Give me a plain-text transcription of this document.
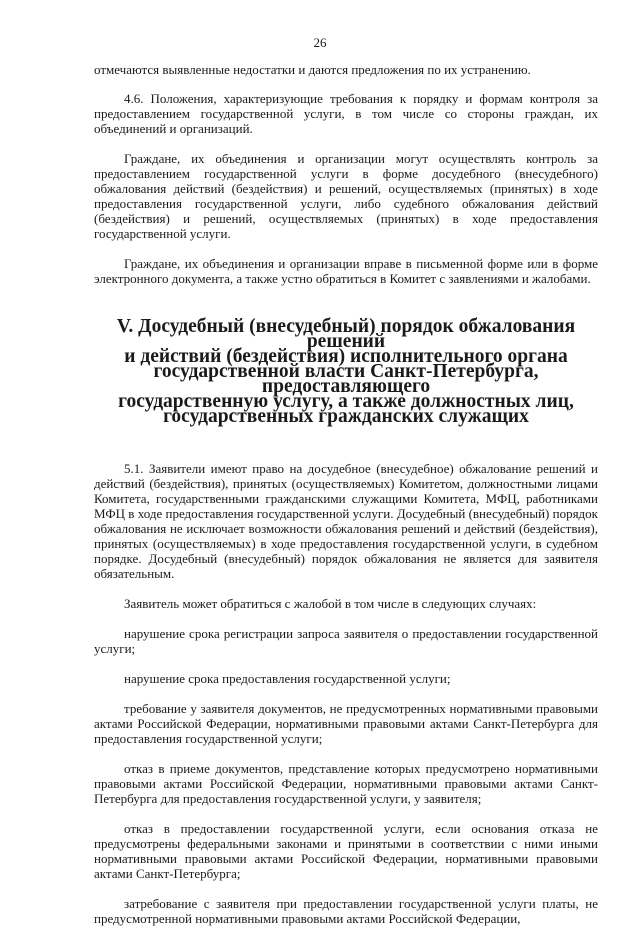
26

отмечаются выявленные недостатки и даются предложения по их устранению.

4.6. Положения, характеризующие требования к порядку и формам контроля за предоставлением государственной услуги, в том числе со стороны граждан, их объединений и организаций.

Граждане, их объединения и организации могут осуществлять контроль за предоставлением государственной услуги в форме досудебного (внесудебного) обжалования действий (бездействия) и решений, осуществляемых (принятых) в ходе предоставления государственной услуги, либо судебного обжалования действий (бездействия) и решений, осуществляемых (принятых) в ходе предоставления государственной услуги.

Граждане, их объединения и организации вправе в письменной форме или в форме электронного документа, а также устно обратиться в Комитет с заявлениями и жалобами.

V. Досудебный (внесудебный) порядок обжалования решений
и действий (бездействия) исполнительного органа
государственной власти Санкт-Петербурга, предоставляющего
государственную услугу, а также должностных лиц,
государственных гражданских служащих

5.1. Заявители имеют право на досудебное (внесудебное) обжалование решений и действий (бездействия), принятых (осуществляемых) Комитетом, должностными лицами Комитета, государственными гражданскими служащими Комитета, МФЦ, работниками МФЦ в ходе предоставления государственной услуги. Досудебный (внесудебный) порядок обжалования не исключает возможности обжалования решений и действий (бездействия), принятых (осуществляемых) в ходе предоставления государственной услуги, в судебном порядке. Досудебный (внесудебный) порядок обжалования не является для заявителя обязательным.

Заявитель может обратиться с жалобой в том числе в следующих случаях:

нарушение срока регистрации запроса заявителя о предоставлении государственной услуги;

нарушение срока предоставления государственной услуги;

требование у заявителя документов, не предусмотренных нормативными правовыми актами Российской Федерации, нормативными правовыми актами Санкт-Петербурга для предоставления государственной услуги;

отказ в приеме документов, представление которых предусмотрено нормативными правовыми актами Российской Федерации, нормативными правовыми актами Санкт-Петербурга для предоставления государственной услуги, у заявителя;

отказ в предоставлении государственной услуги, если основания отказа не предусмотрены федеральными законами и принятыми в соответствии с ними иными нормативными правовыми актами Российской Федерации, нормативными правовыми актами Санкт-Петербурга;

затребование с заявителя при предоставлении государственной услуги платы, не предусмотренной нормативными правовыми актами Российской Федерации,
